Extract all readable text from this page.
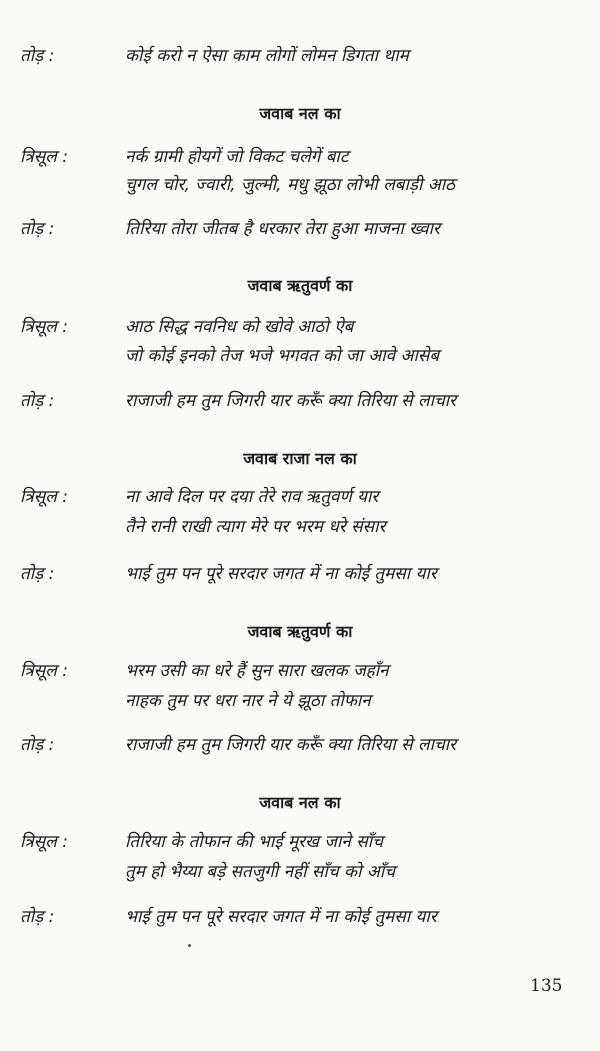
तोड़ :	कोई करो न ऐसा काम लोगों लोमन डिगता थाम
जवाब नल का
त्रिसूल :	नर्क ग्रामी होयगें जो विकट चलेगें बाट
चुगल चोर, ज्वारी, जुल्मी, मधु झूठा लोभी लबाड़ी आठ
तोड़ :	तिरिया तोरा जीतब है धरकार तेरा हुआ माजना ख्वार
जवाब ऋतुवर्ण का
त्रिसूल :	आठ सिद्ध नवनिध को खोवे आठो ऐब
जो कोई इनको तेज भजे भगवत को जा आवे आसेब
तोड़ :	राजाजी हम तुम जिगरी यार करूँ क्या तिरिया से लाचार
जवाब राजा नल का
त्रिसूल :	ना आवे दिल पर दया तेरे राव ऋतुवर्ण यार
तैने रानी राखी त्याग मेरे पर भरम धरे संसार
तोड़ :	भाई तुम पन पूरे सरदार जगत में ना कोई तुमसा यार
जवाब ऋतुवर्ण का
त्रिसूल :	भरम उसी का धरे हैं सुन सारा खलक जहाँन
नाहक तुम पर धरा नार ने ये झूठा तोफान
तोड़ :	राजाजी हम तुम जिगरी यार करूँ क्या तिरिया से लाचार
जवाब नल का
त्रिसूल :	तिरिया के तोफान की भाई मूरख जाने साँच
तुम हो भैय्या बड़े सतजुगी नहीं साँच को आँच
तोड़ :	भाई तुम पन पूरे सरदार जगत में ना कोई तुमसा यार
135
